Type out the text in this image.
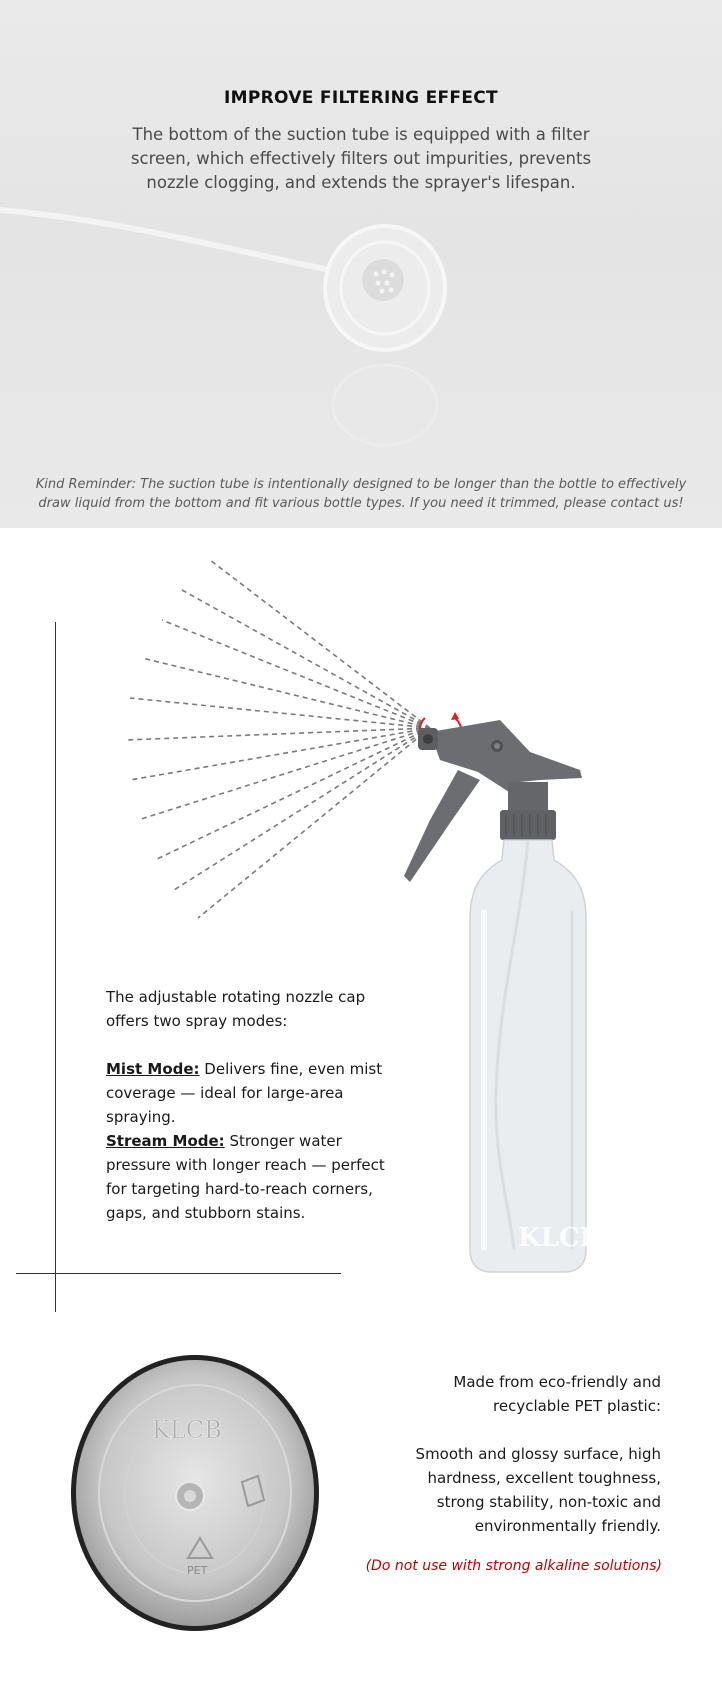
IMPROVE FILTERING EFFECT
The bottom of the suction tube is equipped with a filter screen, which effectively filters out impurities, prevents nozzle clogging, and extends the sprayer's lifespan.
Kind Reminder: The suction tube is intentionally designed to be longer than the bottle to effectively draw liquid from the bottom and fit various bottle types. If you need it trimmed, please contact us!
KLCB

The adjustable rotating nozzle cap offers two spray modes:

Mist Mode: Delivers fine, even mist coverage — ideal for large-area spraying.

Stream Mode: Stronger water pressure with longer reach — perfect for targeting hard-to-reach corners, gaps, and stubborn stains.

KLCB
PET

Made from eco-friendly and recyclable PET plastic:

Smooth and glossy surface, high hardness, excellent toughness, strong stability, non-toxic and environmentally friendly.

(Do not use with strong alkaline solutions)
